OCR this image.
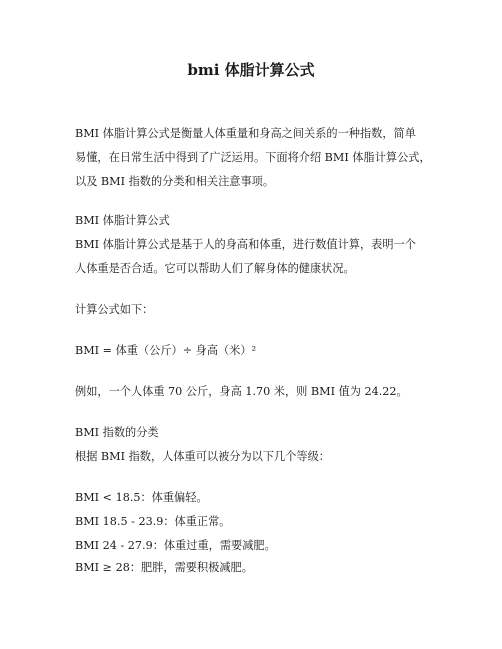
bmi 体脂计算公式
BMI 体脂计算公式是衡量人体重量和身高之间关系的一种指数，简单
易懂，在日常生活中得到了广泛运用。下面将介绍 BMI 体脂计算公式，
以及 BMI 指数的分类和相关注意事项。
BMI 体脂计算公式
BMI 体脂计算公式是基于人的身高和体重，进行数值计算，表明一个
人体重是否合适。它可以帮助人们了解身体的健康状况。
计算公式如下：
BMI = 体重（公斤）÷ 身高（米）²
例如，一个人体重 70 公斤，身高 1.70 米，则 BMI 值为 24.22。
BMI 指数的分类
根据 BMI 指数，人体重可以被分为以下几个等级：
BMI < 18.5：体重偏轻。
BMI 18.5 - 23.9：体重正常。
BMI 24 - 27.9：体重过重，需要减肥。
BMI ≥ 28：肥胖，需要积极减肥。
